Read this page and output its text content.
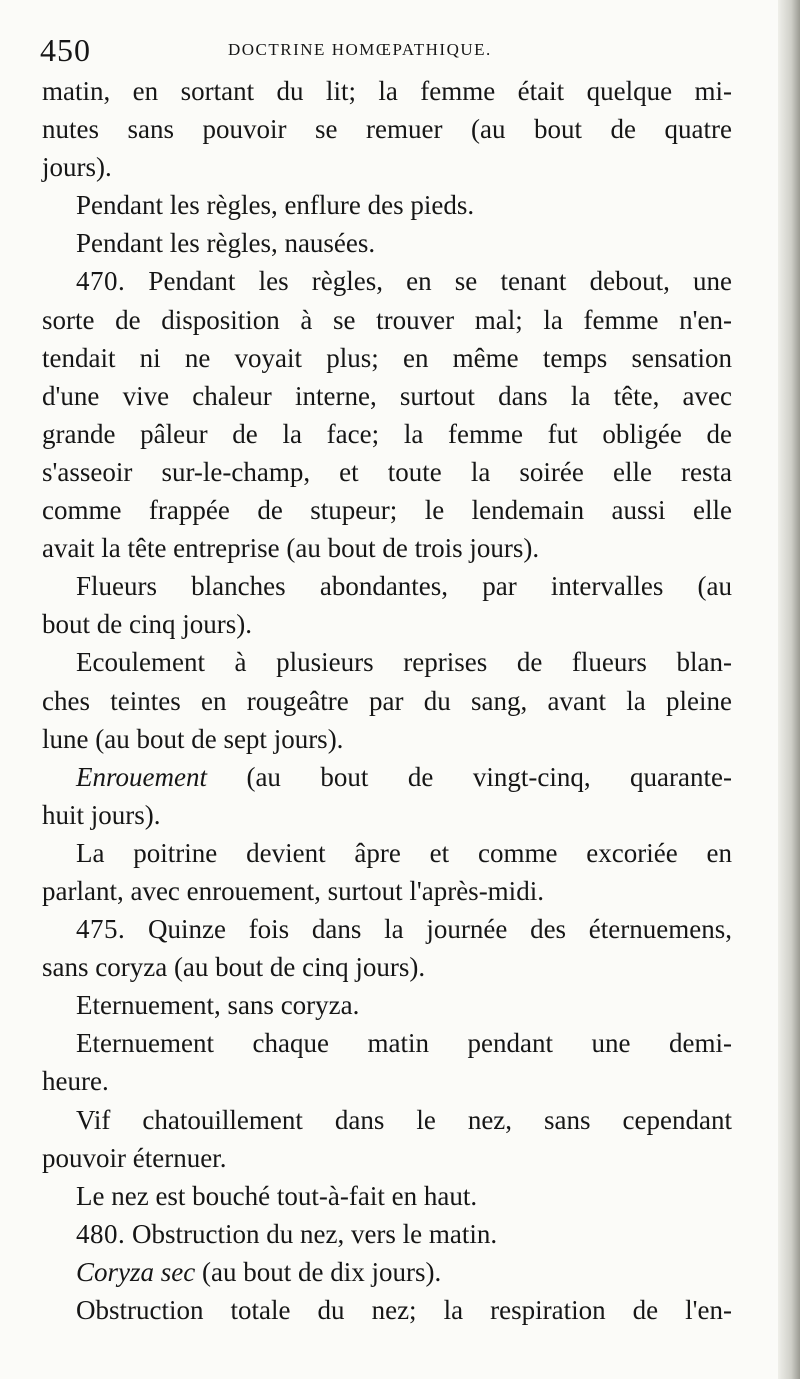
450	DOCTRINE HOMŒPATHIQUE.
matin, en sortant du lit; la femme était quelque mi-
nutes sans pouvoir se remuer (au bout de quatre
jours).
Pendant les règles, enflure des pieds.
Pendant les règles, nausées.
470. Pendant les règles, en se tenant debout, une
sorte de disposition à se trouver mal; la femme n'en-
tendait ni ne voyait plus; en même temps sensation
d'une vive chaleur interne, surtout dans la tête, avec
grande pâleur de la face; la femme fut obligée de
s'asseoir sur-le-champ, et toute la soirée elle resta
comme frappée de stupeur; le lendemain aussi elle
avait la tête entreprise (au bout de trois jours).
Flueurs blanches abondantes, par intervalles (au
bout de cinq jours).
Ecoulement à plusieurs reprises de flueurs blan-
ches teintes en rougeâtre par du sang, avant la pleine
lune (au bout de sept jours).
Enrouement (au bout de vingt-cinq, quarante-
huit jours).
La poitrine devient âpre et comme excoriée en
parlant, avec enrouement, surtout l'après-midi.
475. Quinze fois dans la journée des éternuemens,
sans coryza (au bout de cinq jours).
Eternuement, sans coryza.
Eternuement chaque matin pendant une demi-
heure.
Vif chatouillement dans le nez, sans cependant
pouvoir éternuer.
Le nez est bouché tout-à-fait en haut.
480. Obstruction du nez, vers le matin.
Coryza sec (au bout de dix jours).
Obstruction totale du nez; la respiration de l'en-
